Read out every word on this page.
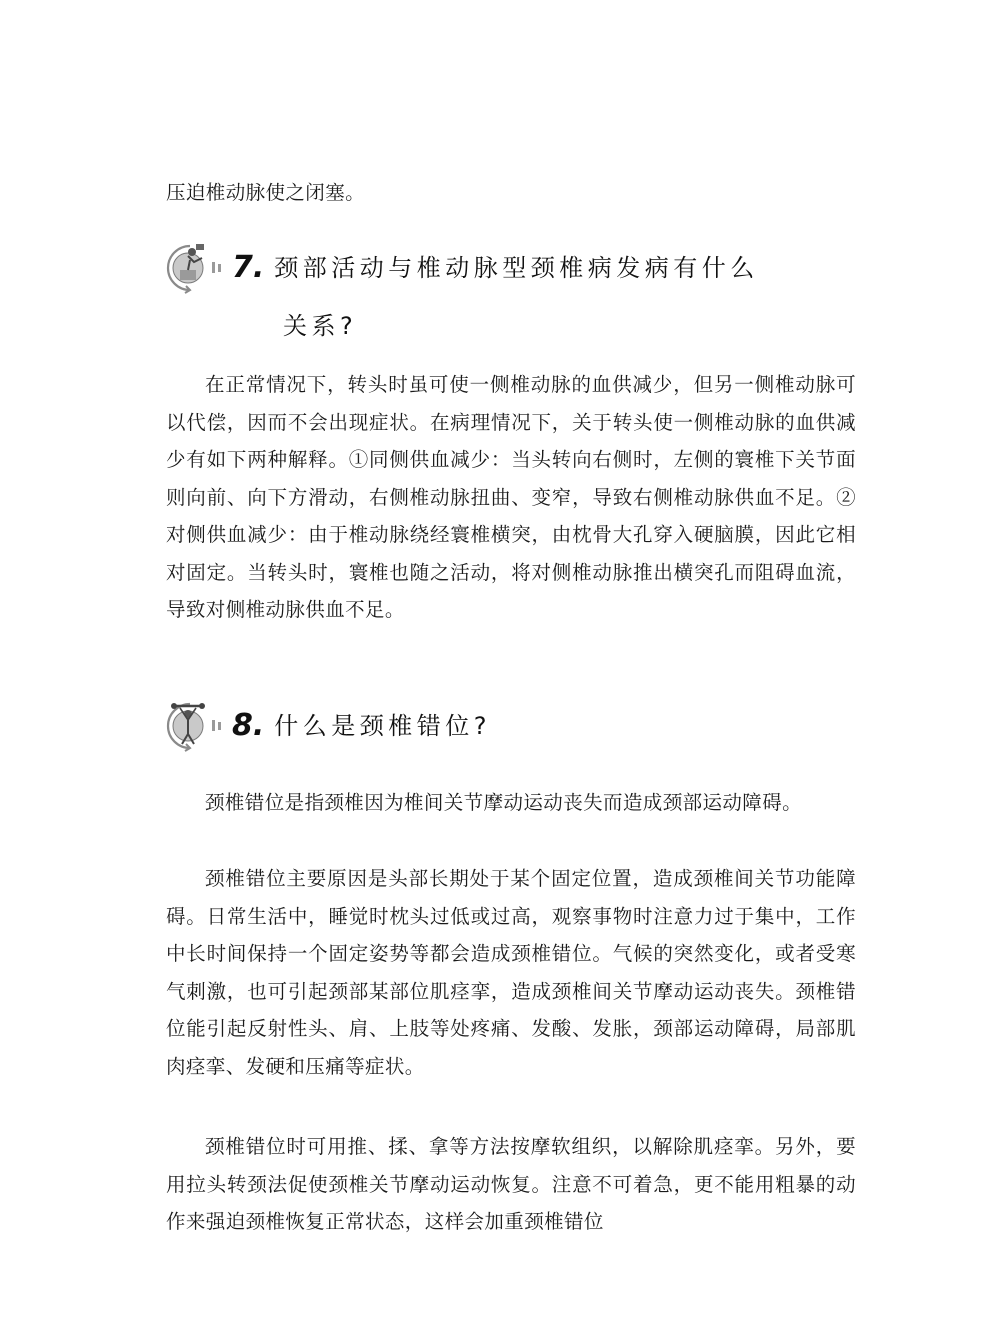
压迫椎动脉使之闭塞。

7. 颈部活动与椎动脉型颈椎病发病有什么
关系?

在正常情况下，转头时虽可使一侧椎动脉的血供减少，但另一侧椎动脉可以代偿，因而不会出现症状。在病理情况下，关于转头使一侧椎动脉的血供减少有如下两种解释。①同侧供血减少：当头转向右侧时，左侧的寰椎下关节面则向前、向下方滑动，右侧椎动脉扭曲、变窄，导致右侧椎动脉供血不足。②对侧供血减少：由于椎动脉绕经寰椎横突，由枕骨大孔穿入硬脑膜，因此它相对固定。当转头时，寰椎也随之活动，将对侧椎动脉推出横突孔而阻碍血流，导致对侧椎动脉供血不足。

8. 什么是颈椎错位?

颈椎错位是指颈椎因为椎间关节摩动运动丧失而造成颈部运动障碍。

颈椎错位主要原因是头部长期处于某个固定位置，造成颈椎间关节功能障碍。日常生活中，睡觉时枕头过低或过高，观察事物时注意力过于集中，工作中长时间保持一个固定姿势等都会造成颈椎错位。气候的突然变化，或者受寒气刺激，也可引起颈部某部位肌痉挛，造成颈椎间关节摩动运动丧失。颈椎错位能引起反射性头、肩、上肢等处疼痛、发酸、发胀，颈部运动障碍，局部肌肉痉挛、发硬和压痛等症状。

颈椎错位时可用推、揉、拿等方法按摩软组织，以解除肌痉挛。另外，要用拉头转颈法促使颈椎关节摩动运动恢复。注意不可着急，更不能用粗暴的动作来强迫颈椎恢复正常状态，这样会加重颈椎错位
